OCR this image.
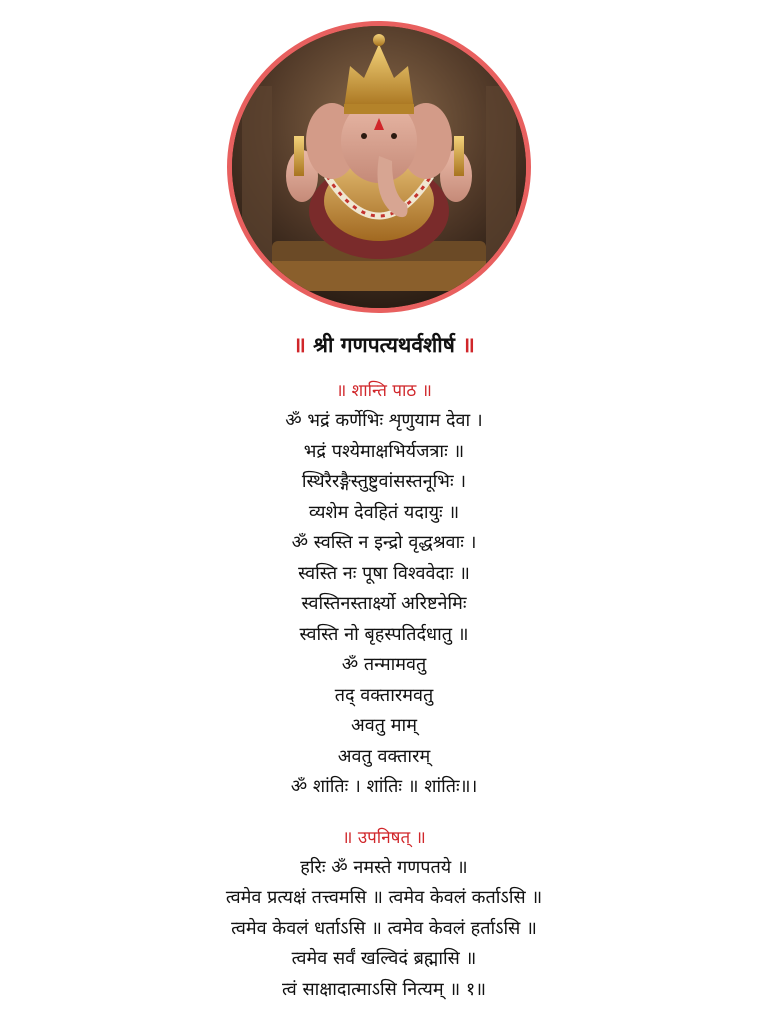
॥ श्री गणपत्यथर्वशीर्ष ॥

॥ शान्ति पाठ ॥

ॐ भद्रं कर्णेभिः शृणुयाम देवा ।

भद्रं पश्येमाक्षभिर्यजत्राः ॥

स्थिरैरङ्गैस्तुष्टुवांसस्तनूभिः ।

व्यशेम देवहितं यदायुः ॥

ॐ स्वस्ति न इन्द्रो वृद्धश्रवाः ।

स्वस्ति नः पूषा विश्ववेदाः ॥

स्वस्तिनस्तार्क्ष्यो अरिष्टनेमिः

स्वस्ति नो बृहस्पतिर्दधातु ॥

ॐ तन्मामवतु

तद् वक्तारमवतु

अवतु माम्

अवतु वक्तारम्

ॐ शांतिः । शांतिः ॥ शांतिः॥।

॥ उपनिषत् ॥

हरिः ॐ नमस्ते गणपतये ॥

त्वमेव प्रत्यक्षं तत्त्वमसि ॥ त्वमेव केवलं कर्ताऽसि ॥

त्वमेव केवलं धर्ताऽसि ॥ त्वमेव केवलं हर्ताऽसि ॥

त्वमेव सर्वं खल्विदं ब्रह्मासि ॥

त्वं साक्षादात्माऽसि नित्यम् ॥ १॥
